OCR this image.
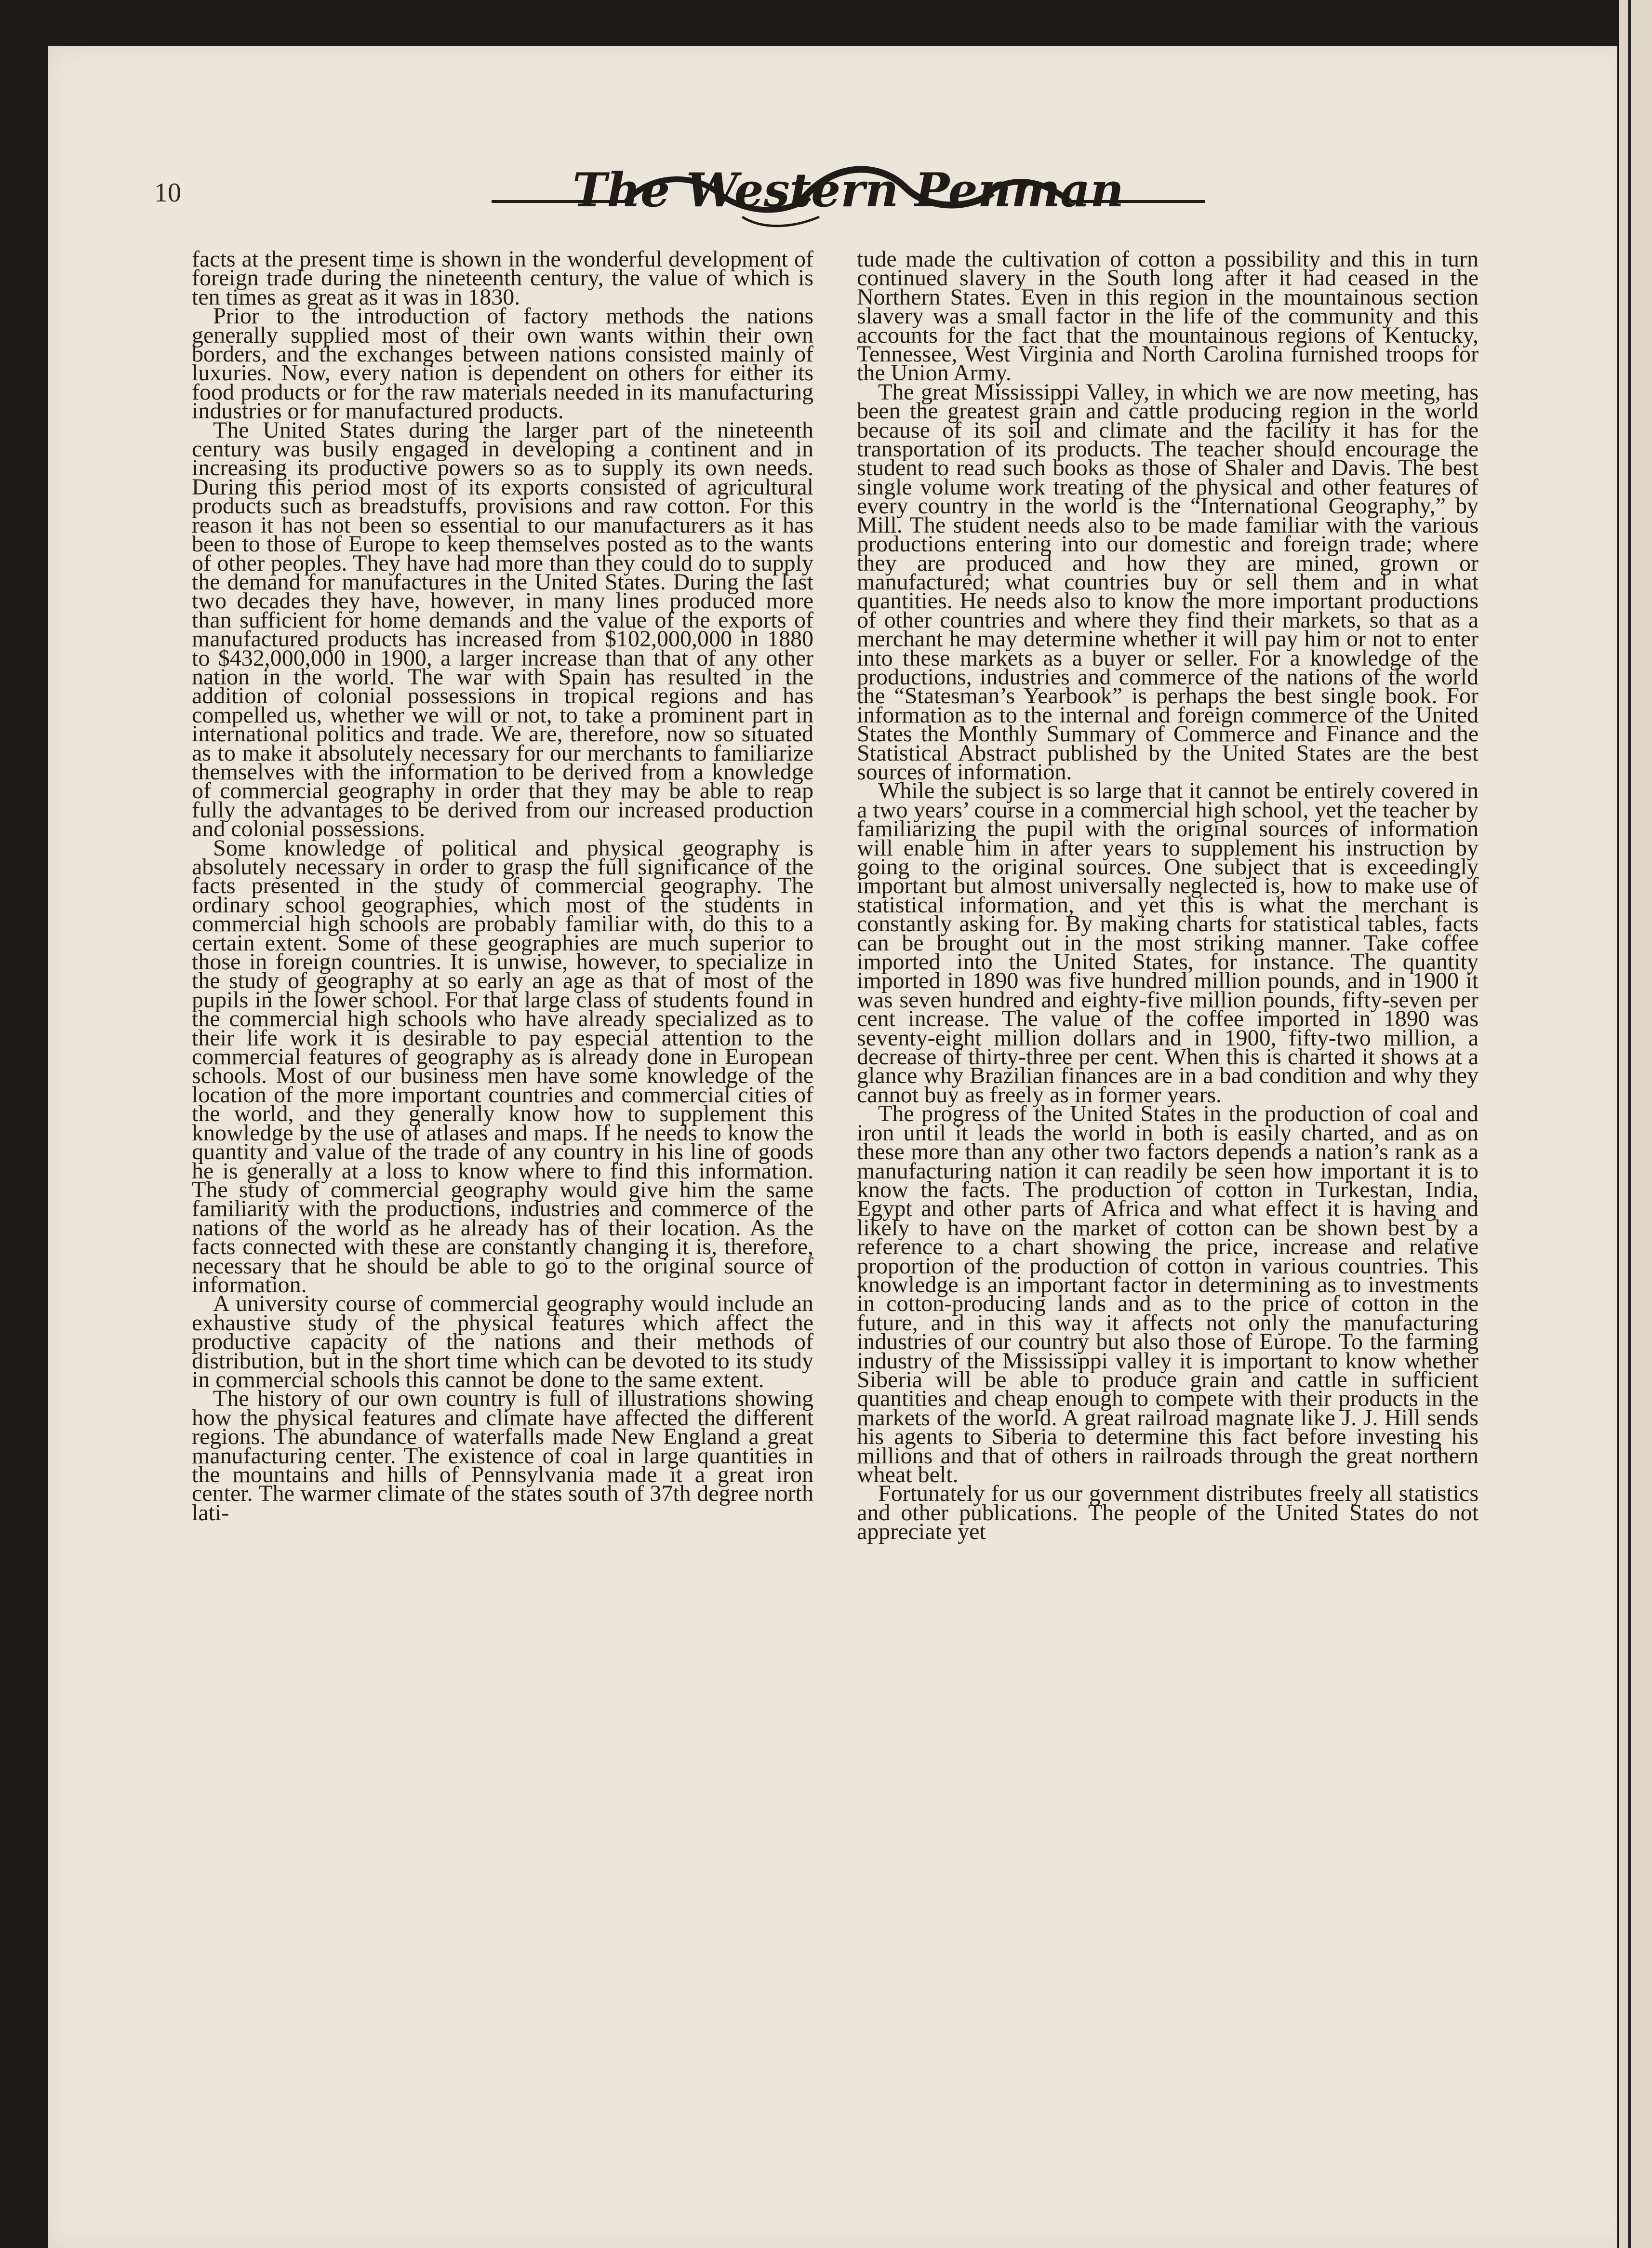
10	The Western Penman

facts at the present time is shown in the wonderful development of foreign trade during the nineteenth century, the value of which is ten times as great as it was in 1830.

Prior to the introduction of factory methods the nations generally supplied most of their own wants within their own borders, and the exchanges between nations consisted mainly of luxuries. Now, every nation is dependent on others for either its food products or for the raw materials needed in its manufacturing industries or for manufactured products.

The United States during the larger part of the nineteenth century was busily engaged in developing a continent and in increasing its productive powers so as to supply its own needs. During this period most of its exports consisted of agricultural products such as breadstuffs, provisions and raw cotton. For this reason it has not been so essential to our manufacturers as it has been to those of Europe to keep themselves posted as to the wants of other peoples. They have had more than they could do to supply the demand for manufactures in the United States. During the last two decades they have, however, in many lines produced more than sufficient for home demands and the value of the exports of manufactured products has increased from $102,000,000 in 1880 to $432,000,000 in 1900, a larger increase than that of any other nation in the world. The war with Spain has resulted in the addition of colonial possessions in tropical regions and has compelled us, whether we will or not, to take a prominent part in international politics and trade. We are, therefore, now so situated as to make it absolutely necessary for our merchants to familiarize themselves with the information to be derived from a knowledge of commercial geography in order that they may be able to reap fully the advantages to be derived from our increased production and colonial possessions.

Some knowledge of political and physical geography is absolutely necessary in order to grasp the full significance of the facts presented in the study of commercial geography. The ordinary school geographies, which most of the students in commercial high schools are probably familiar with, do this to a certain extent. Some of these geographies are much superior to those in foreign countries. It is unwise, however, to specialize in the study of geography at so early an age as that of most of the pupils in the lower school. For that large class of students found in the commercial high schools who have already specialized as to their life work it is desirable to pay especial attention to the commercial features of geography as is already done in European schools. Most of our business men have some knowledge of the location of the more important countries and commercial cities of the world, and they generally know how to supplement this knowledge by the use of atlases and maps. If he needs to know the quantity and value of the trade of any country in his line of goods he is generally at a loss to know where to find this information. The study of commercial geography would give him the same familiarity with the productions, industries and commerce of the nations of the world as he already has of their location. As the facts connected with these are constantly changing it is, therefore, necessary that he should be able to go to the original source of information.

A university course of commercial geography would include an exhaustive study of the physical features which affect the productive capacity of the nations and their methods of distribution, but in the short time which can be devoted to its study in commercial schools this cannot be done to the same extent.

The history of our own country is full of illustrations showing how the physical features and climate have affected the different regions. The abundance of waterfalls made New England a great manufacturing center. The existence of coal in large quantities in the mountains and hills of Pennsylvania made it a great iron center. The warmer climate of the states south of 37th degree north lati-

tude made the cultivation of cotton a possibility and this in turn continued slavery in the South long after it had ceased in the Northern States. Even in this region in the mountainous section slavery was a small factor in the life of the community and this accounts for the fact that the mountainous regions of Kentucky, Tennessee, West Virginia and North Carolina furnished troops for the Union Army.

The great Mississippi Valley, in which we are now meeting, has been the greatest grain and cattle producing region in the world because of its soil and climate and the facility it has for the transportation of its products. The teacher should encourage the student to read such books as those of Shaler and Davis. The best single volume work treating of the physical and other features of every country in the world is the “International Geography,” by Mill. The student needs also to be made familiar with the various productions entering into our domestic and foreign trade; where they are produced and how they are mined, grown or manufactured; what countries buy or sell them and in what quantities. He needs also to know the more important productions of other countries and where they find their markets, so that as a merchant he may determine whether it will pay him or not to enter into these markets as a buyer or seller. For a knowledge of the productions, industries and commerce of the nations of the world the “Statesman’s Yearbook” is perhaps the best single book. For information as to the internal and foreign commerce of the United States the Monthly Summary of Commerce and Finance and the Statistical Abstract published by the United States are the best sources of information.

While the subject is so large that it cannot be entirely covered in a two years’ course in a commercial high school, yet the teacher by familiarizing the pupil with the original sources of information will enable him in after years to supplement his instruction by going to the original sources. One subject that is exceedingly important but almost universally neglected is, how to make use of statistical information, and yet this is what the merchant is constantly asking for. By making charts for statistical tables, facts can be brought out in the most striking manner. Take coffee imported into the United States, for instance. The quantity imported in 1890 was five hundred million pounds, and in 1900 it was seven hundred and eighty-five million pounds, fifty-seven per cent increase. The value of the coffee imported in 1890 was seventy-eight million dollars and in 1900, fifty-two million, a decrease of thirty-three per cent. When this is charted it shows at a glance why Brazilian finances are in a bad condition and why they cannot buy as freely as in former years.

The progress of the United States in the production of coal and iron until it leads the world in both is easily charted, and as on these more than any other two factors depends a nation’s rank as a manufacturing nation it can readily be seen how important it is to know the facts. The production of cotton in Turkestan, India, Egypt and other parts of Africa and what effect it is having and likely to have on the market of cotton can be shown best by a reference to a chart showing the price, increase and relative proportion of the production of cotton in various countries. This knowledge is an important factor in determining as to investments in cotton-producing lands and as to the price of cotton in the future, and in this way it affects not only the manufacturing industries of our country but also those of Europe. To the farming industry of the Mississippi valley it is important to know whether Siberia will be able to produce grain and cattle in sufficient quantities and cheap enough to compete with their products in the markets of the world. A great railroad magnate like J. J. Hill sends his agents to Siberia to determine this fact before investing his millions and that of others in railroads through the great northern wheat belt.

Fortunately for us our government distributes freely all statistics and other publications. The people of the United States do not appreciate yet
